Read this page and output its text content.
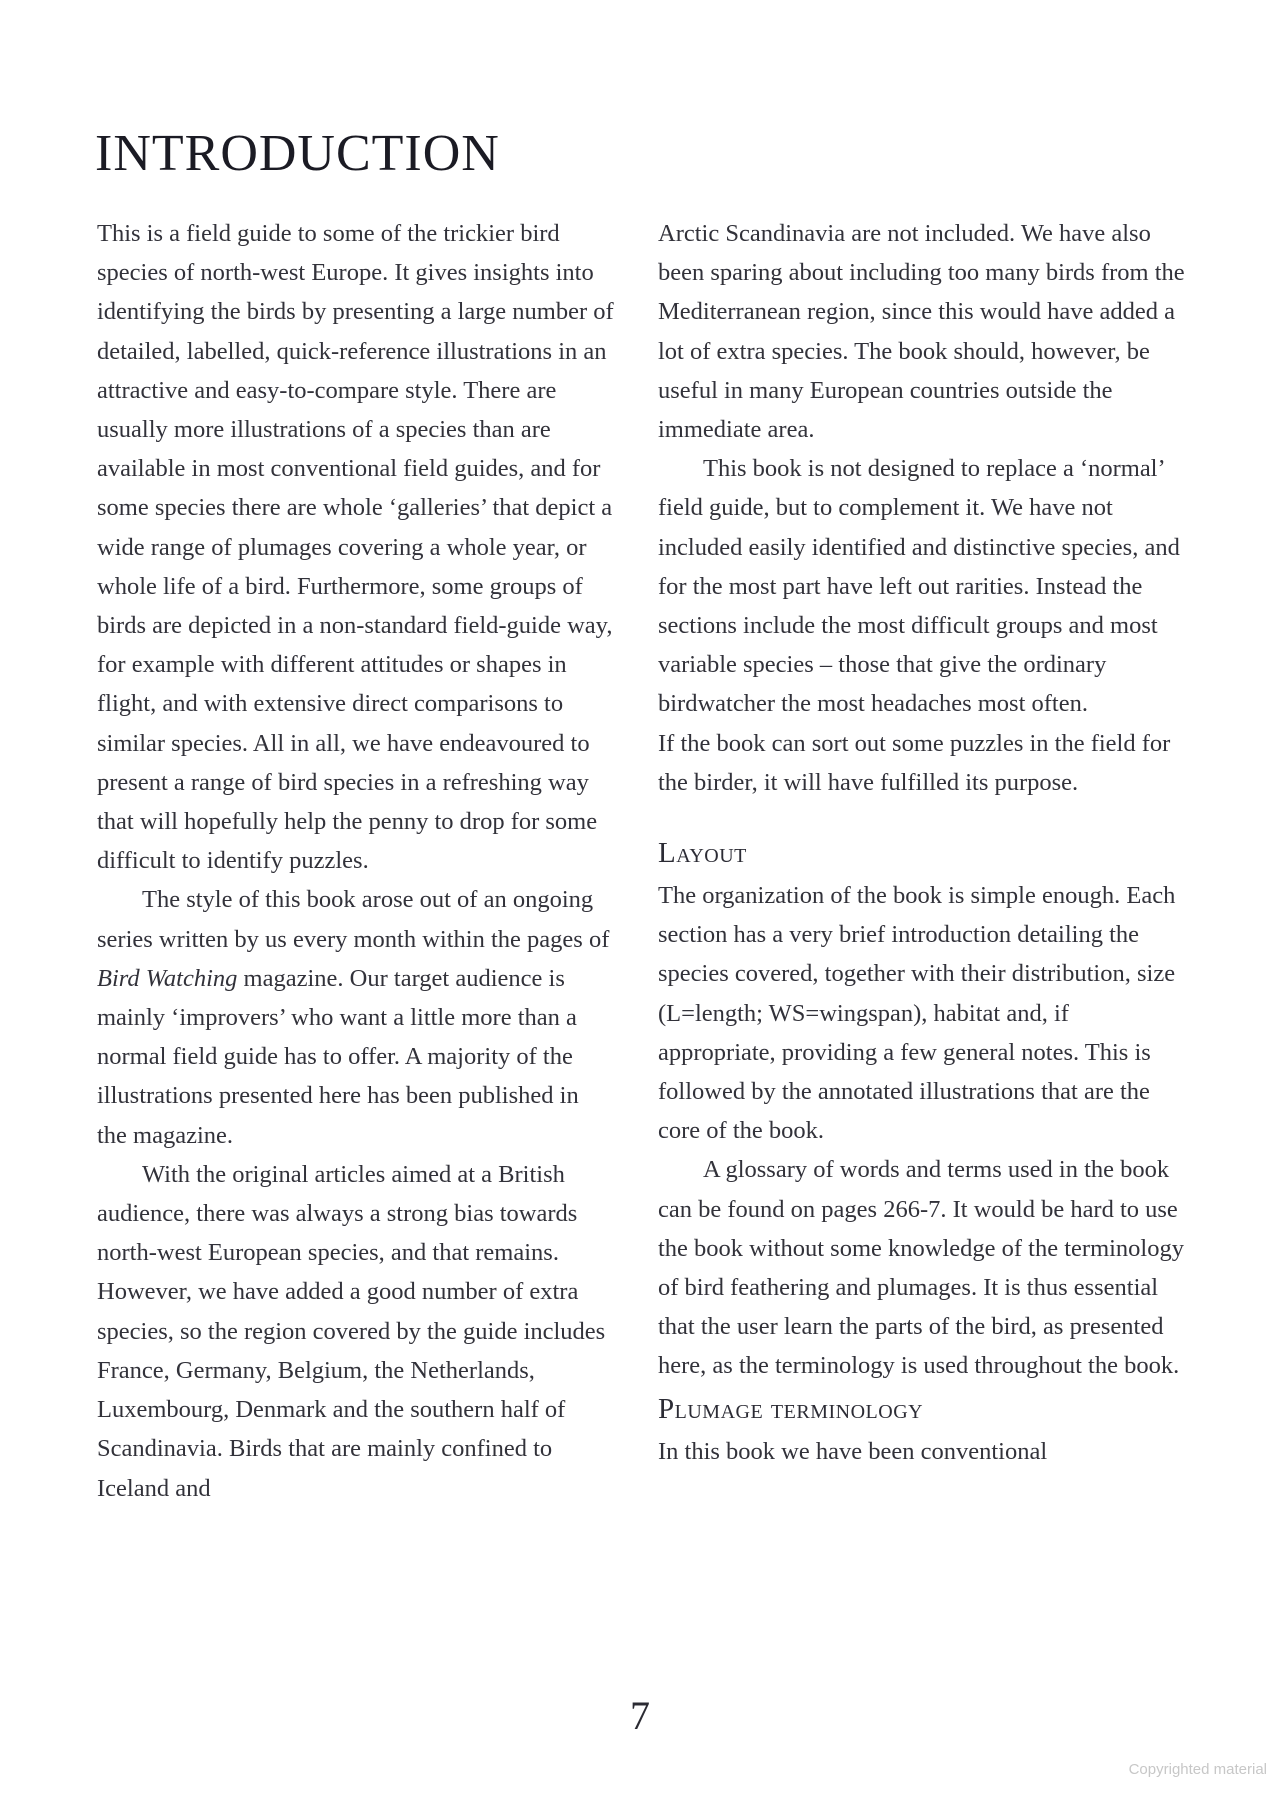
INTRODUCTION

This is a field guide to some of the trickier bird species of north-west Europe. It gives insights into identifying the birds by presenting a large number of detailed, labelled, quick-reference illustrations in an attractive and easy-to-compare style. There are usually more illustrations of a species than are available in most conventional field guides, and for some species there are whole ‘galleries’ that depict a wide range of plumages covering a whole year, or whole life of a bird. Furthermore, some groups of birds are depicted in a non-standard field-guide way, for example with different attitudes or shapes in flight, and with extensive direct comparisons to similar species. All in all, we have endeavoured to present a range of bird species in a refreshing way that will hopefully help the penny to drop for some difficult to identify puzzles.

The style of this book arose out of an ongoing series written by us every month within the pages of Bird Watching magazine. Our target audience is mainly ‘improvers’ who want a little more than a normal field guide has to offer. A majority of the illustrations presented here has been published in
the magazine.

With the original articles aimed at a British audience, there was always a strong bias towards north-west European species, and that remains. However, we have added a good number of extra species, so the region covered by the guide includes France, Germany, Belgium, the Netherlands, Luxembourg, Denmark and the southern half of Scandinavia. Birds that are mainly confined to Iceland and

Arctic Scandinavia are not included. We have also been sparing about including too many birds from the Mediterranean region, since this would have added a lot of extra species. The book should, however, be useful in many European countries outside the immediate area.

This book is not designed to replace a ‘normal’ field guide, but to complement it. We have not included easily identified and distinctive species, and for the most part have left out rarities. Instead the sections include the most difficult groups and most variable species – those that give the ordinary birdwatcher the most headaches most often.

If the book can sort out some puzzles in the field for the birder, it will have fulfilled its purpose.

Layout

The organization of the book is simple enough. Each section has a very brief introduction detailing the species covered, together with their distribution, size (L=length; WS=wingspan), habitat and, if appropriate, providing a few general notes. This is followed by the annotated illustrations that are the core of the book.

A glossary of words and terms used in the book can be found on pages 266-7. It would be hard to use the book without some knowledge of the terminology of bird feathering and plumages. It is thus essential that the user learn the parts of the bird, as presented here, as the terminology is used throughout the book.

Plumage terminology

In this book we have been conventional

7
Copyrighted material
